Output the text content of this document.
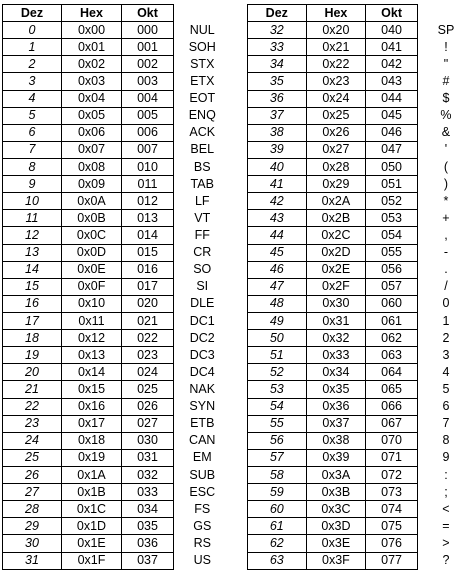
Dez	Hex	Okt	
0	0x00	000	NUL
1	0x01	001	SOH
2	0x02	002	STX
3	0x03	003	ETX
4	0x04	004	EOT
5	0x05	005	ENQ
6	0x06	006	ACK
7	0x07	007	BEL
8	0x08	010	BS
9	0x09	011	TAB
10	0x0A	012	LF
11	0x0B	013	VT
12	0x0C	014	FF
13	0x0D	015	CR
14	0x0E	016	SO
15	0x0F	017	SI
16	0x10	020	DLE
17	0x11	021	DC1
18	0x12	022	DC2
19	0x13	023	DC3
20	0x14	024	DC4
21	0x15	025	NAK
22	0x16	026	SYN
23	0x17	027	ETB
24	0x18	030	CAN
25	0x19	031	EM
26	0x1A	032	SUB
27	0x1B	033	ESC
28	0x1C	034	FS
29	0x1D	035	GS
30	0x1E	036	RS
31	0x1F	037	US
Dez	Hex	Okt	
32	0x20	040	SP
33	0x21	041	!
34	0x22	042	"
35	0x23	043	#
36	0x24	044	$
37	0x25	045	%
38	0x26	046	&
39	0x27	047	'
40	0x28	050	(
41	0x29	051	)
42	0x2A	052	*
43	0x2B	053	+
44	0x2C	054	,
45	0x2D	055	-
46	0x2E	056	.
47	0x2F	057	/
48	0x30	060	0
49	0x31	061	1
50	0x32	062	2
51	0x33	063	3
52	0x34	064	4
53	0x35	065	5
54	0x36	066	6
55	0x37	067	7
56	0x38	070	8
57	0x39	071	9
58	0x3A	072	:
59	0x3B	073	;
60	0x3C	074	<
61	0x3D	075	=
62	0x3E	076	>
63	0x3F	077	?
